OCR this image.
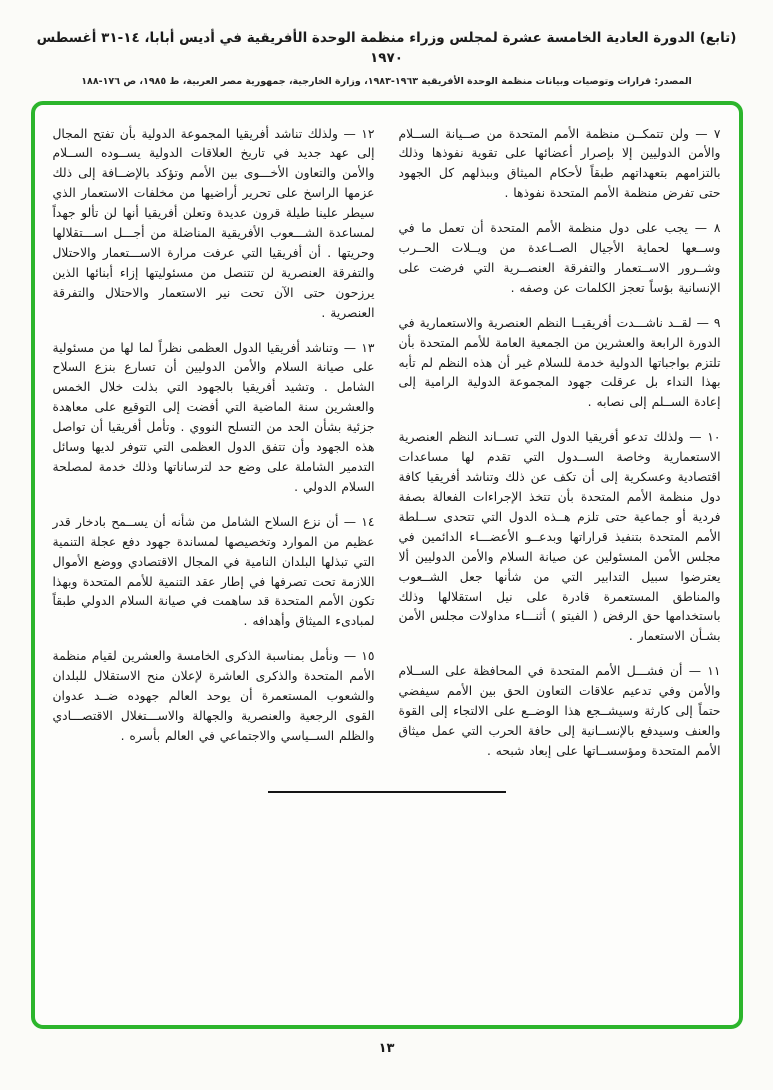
(تابع) الدورة العادية الخامسة عشرة لمجلس وزراء منظمة الوحدة الأفريقية في أديس أبابا، ١٤-٣١ أغسطس ١٩٧٠
المصدر: قرارات وتوصيات وبيانات منظمة الوحدة الأفريقية ١٩٦٣-١٩٨٣، وزارة الخارجية، جمهورية مصر العربية، ط ١٩٨٥، ص ١٧٦-١٨٨

٧ — ولن تتمكــن منظمة الأمم المتحدة من صــيانة الســلام والأمن الدوليين إلا بإصرار أعضائها على تقوية نفوذها وذلك بالتزامهم بتعهداتهم طبقاً لأحكام الميثاق وببذلهم كل الجهود حتى تفرض منظمة الأمم المتحدة نفوذها .

٨ — يجب على دول منظمة الأمم المتحدة أن تعمل ما في وســعها لحماية الأجيال الصــاعدة من ويــلات الحــرب وشــرور الاســتعمار والتفرقة العنصــرية التي فرضت على الإنسانية بؤساً تعجز الكلمات عن وصفه .

٩ — لقــد ناشـــدت أفريقيــا النظم العنصرية والاستعمارية في الدورة الرابعة والعشرين من الجمعية العامة للأمم المتحدة بأن تلتزم بواجباتها الدولية خدمة للسلام غير أن هذه النظم لم تأبه بهذا النداء بل عرقلت جهود المجموعة الدولية الرامية إلى إعادة الســلم إلى نصابه .

١٠ — ولذلك تدعو أفريقيا الدول التي تســاند النظم العنصرية الاستعمارية وخاصة الســدول التي تقدم لها مساعدات اقتصادية وعسكرية إلى أن تكف عن ذلك وتناشد أفريقيا كافة دول منظمة الأمم المتحدة بأن تتخذ الإجراءات الفعالة بصفة فردية أو جماعية حتى تلزم هــذه الدول التي تتحدى ســلطة الأمم المتحدة بتنفيذ قراراتها وبدعــو الأعضـــاء الدائمين في مجلس الأمن المسئولين عن صيانة السلام والأمن الدوليين ألا يعترضوا سبيل التدابير التي من شأنها جعل الشــعوب والمناطق المستعمرة قادرة على نيل استقلالها وذلك باستخدامها حق الرفض ( الفيتو ) أثنـــاء مداولات مجلس الأمن بشـأن الاستعمار .

١١ — أن فشـــل الأمم المتحدة في المحافظة على الســلام والأمن وفي تدعيم علاقات التعاون الحق بين الأمم سيفضي حتماً إلى كارثة وسيشــجع هذا الوضــع على الالتجاء إلى القوة والعنف وسيدفع بالإنســانية إلى حافة الحرب التي عمل ميثاق الأمم المتحدة ومؤسســاتها على إبعاد شبحه .

١٢ — ولذلك تناشد أفريقيا المجموعة الدولية بأن تفتح المجال إلى عهد جديد في تاريخ العلاقات الدولية يســوده الســلام والأمن والتعاون الأخـــوى بين الأمم وتؤكد بالإضــافة إلى ذلك عزمها الراسخ على تحرير أراضيها من مخلفات الاستعمار الذي سيطر علينا طيلة قرون عديدة وتعلن أفريقيا أنها لن تألو جهداً لمساعدة الشـــعوب الأفريقية المناضلة من أجـــل اســـتقلالها وحريتها . أن أفريقيا التي عرفت مرارة الاســـتعمار والاحتلال والتفرقة العنصرية لن تتنصل من مسئوليتها إزاء أبنائها الذين يرزحون حتى الآن تحت نير الاستعمار والاحتلال والتفرقة العنصرية .

١٣ — وتناشد أفريقيا الدول العظمى نظراً لما لها من مسئولية على صيانة السلام والأمن الدوليين أن تسارع بنزع السلاح الشامل . وتشيد أفريقيا بالجهود التي بذلت خلال الخمس والعشرين سنة الماضية التي أفضت إلى التوقيع على معاهدة جزئية بشأن الحد من التسلح النووي . وتأمل أفريقيا أن تواصل هذه الجهود وأن تتفق الدول العظمى التي تتوفر لديها وسائل التدمير الشاملة على وضع حد لترساناتها وذلك خدمة لمصلحة السلام الدولي .

١٤ — أن نزع السلاح الشامل من شأنه أن يســمح بادخار قدر عظيم من الموارد وتخصيصها لمساندة جهود دفع عجلة التنمية التي تبذلها البلدان النامية في المجال الاقتصادي ووضع الأموال اللازمة تحت تصرفها في إطار عقد التنمية للأمم المتحدة وبهذا تكون الأمم المتحدة قد ساهمت في صيانة السلام الدولي طبقاً لمبادىء الميثاق وأهدافه .

١٥ — ونأمل بمناسبة الذكرى الخامسة والعشرين لقيام منظمة الأمم المتحدة والذكرى العاشرة لإعلان منح الاستقلال للبلدان والشعوب المستعمرة أن يوحد العالم جهوده ضــد عدوان القوى الرجعية والعنصرية والجهالة والاســـتغلال الاقتصـــادي والظلم الســياسي والاجتماعي في العالم بأسره .

١٣
